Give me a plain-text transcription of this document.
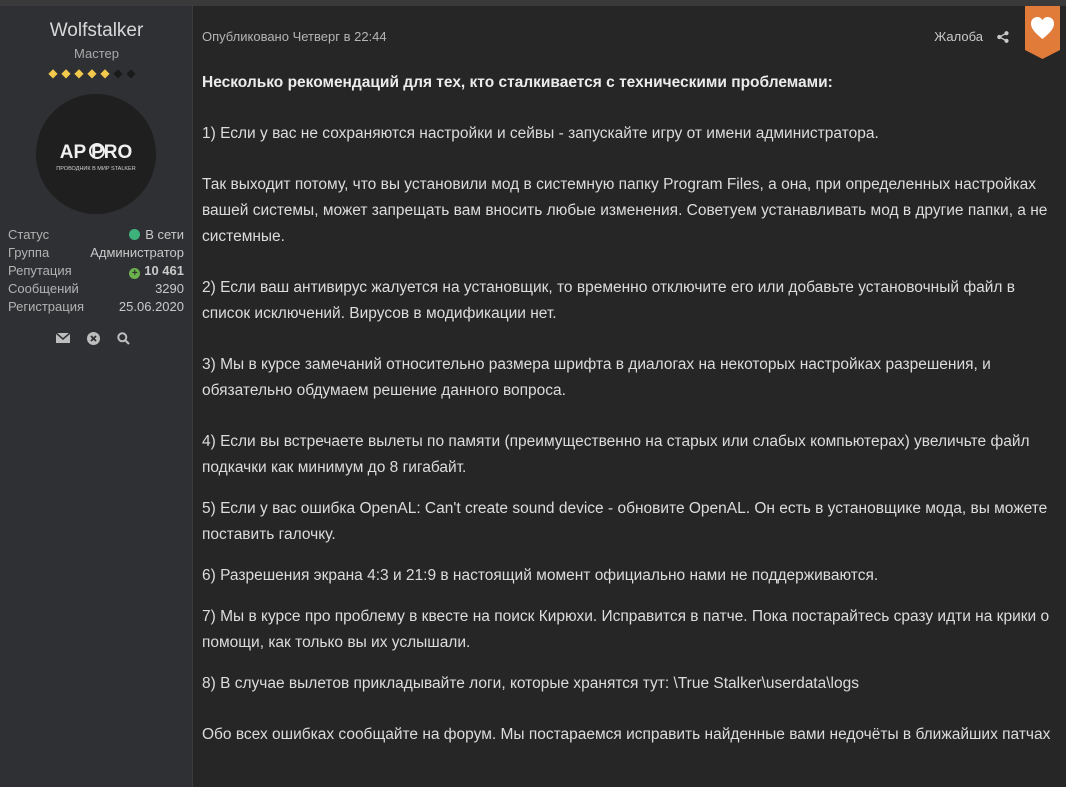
Wolfstalker
Мастер
◆ ◆ ◆ ◆ ◆ ◆ ◆
AP PRO
ПРОВОДНИК В МИР STALKER
Статус	В сети
Группа	Администратор
Репутация	+ 10 461
Сообщений	3290
Регистрация	25.06.2020
Опубликовано Четверг в 22:44	Жалоба

Несколько рекомендаций для тех, кто сталкивается с техническими проблемами:

1) Если у вас не сохраняются настройки и сейвы - запускайте игру от имени администратора.

Так выходит потому, что вы установили мод в системную папку Program Files, а она, при определенных настройках вашей системы, может запрещать вам вносить любые изменения. Советуем устанавливать мод в другие папки, а не системные.

2) Если ваш антивирус жалуется на установщик, то временно отключите его или добавьте установочный файл в список исключений. Вирусов в модификации нет.

3) Мы в курсе замечаний относительно размера шрифта в диалогах на некоторых настройках разрешения, и обязательно обдумаем решение данного вопроса.

4) Если вы встречаете вылеты по памяти (преимущественно на старых или слабых компьютерах) увеличьте файл подкачки как минимум до 8 гигабайт.

5) Если у вас ошибка OpenAL: Can't create sound device - обновите OpenAL. Он есть в установщике мода, вы можете поставить галочку.

6) Разрешения экрана 4:3 и 21:9 в настоящий момент официально нами не поддерживаются.

7) Мы в курсе про проблему в квесте на поиск Кирюхи. Исправится в патче. Пока постарайтесь сразу идти на крики о помощи, как только вы их услышали.

8) В случае вылетов прикладывайте логи, которые хранятся тут: \True Stalker\userdata\logs

Обо всех ошибках сообщайте на форум. Мы постараемся исправить найденные вами недочёты в ближайших патчах
